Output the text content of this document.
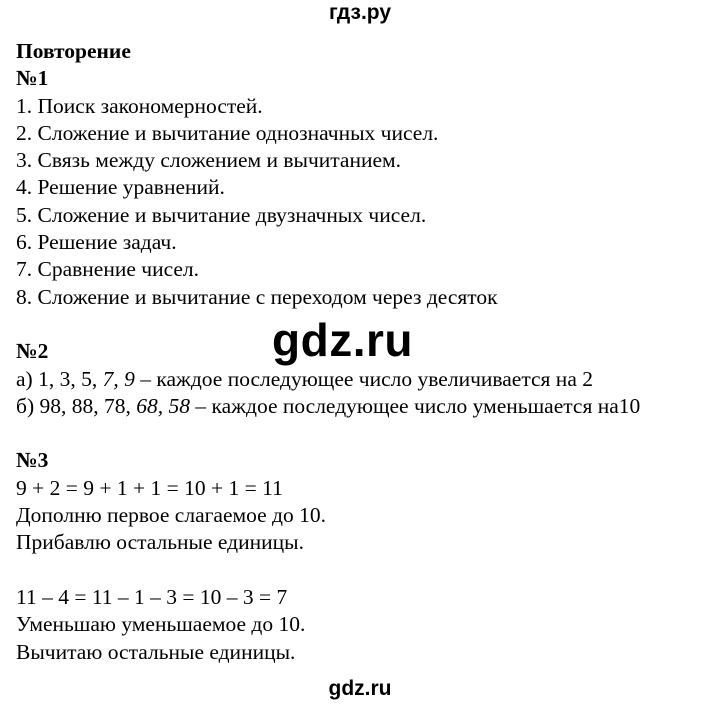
гдз.ру
Повторение
№1
1. Поиск закономерностей.
2. Сложение и вычитание однозначных чисел.
3. Связь между сложением и вычитанием.
4. Решение уравнений.
5. Сложение и вычитание двузначных чисел.
6. Решение задач.
7. Сравнение чисел.
8. Сложение и вычитание с переходом через десяток
№2
а) 1, 3, 5, 7, 9 – каждое последующее число увеличивается на 2
б) 98, 88, 78, 68, 58 – каждое последующее число уменьшается на10
№3
9 + 2 = 9 + 1 + 1 = 10 + 1 = 11
Дополню первое слагаемое до 10.
Прибавлю остальные единицы.
11 – 4 = 11 – 1 – 3 = 10 – 3 = 7
Уменьшаю уменьшаемое до 10.
Вычитаю остальные единицы.
gdz.ru
gdz.ru
